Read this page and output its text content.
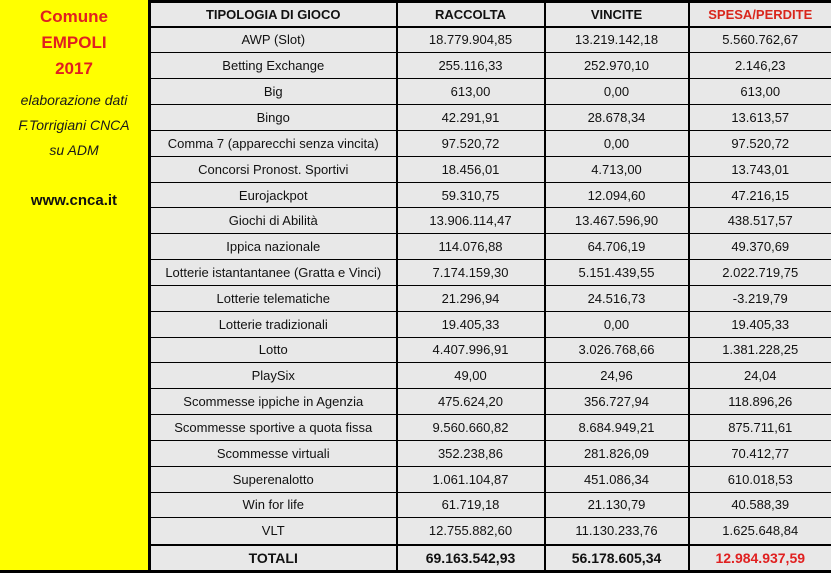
Comune
EMPOLI
2017
elaborazione dati
F.Torrigiani CNCA
su ADM
www.cnca.it
TIPOLOGIA DI GIOCO	RACCOLTA	VINCITE	SPESA/PERDITE
AWP (Slot)	18.779.904,85	13.219.142,18	5.560.762,67
Betting Exchange	255.116,33	252.970,10	2.146,23
Big	613,00	0,00	613,00
Bingo	42.291,91	28.678,34	13.613,57
Comma 7 (apparecchi senza vincita)	97.520,72	0,00	97.520,72
Concorsi Pronost. Sportivi	18.456,01	4.713,00	13.743,01
Eurojackpot	59.310,75	12.094,60	47.216,15
Giochi di Abilità	13.906.114,47	13.467.596,90	438.517,57
Ippica nazionale	114.076,88	64.706,19	49.370,69
Lotterie istantantanee (Gratta e Vinci)	7.174.159,30	5.151.439,55	2.022.719,75
Lotterie telematiche	21.296,94	24.516,73	-3.219,79
Lotterie tradizionali	19.405,33	0,00	19.405,33
Lotto	4.407.996,91	3.026.768,66	1.381.228,25
PlaySix	49,00	24,96	24,04
Scommesse ippiche in Agenzia	475.624,20	356.727,94	118.896,26
Scommesse sportive a quota fissa	9.560.660,82	8.684.949,21	875.711,61
Scommesse virtuali	352.238,86	281.826,09	70.412,77
Superenalotto	1.061.104,87	451.086,34	610.018,53
Win for life	61.719,18	21.130,79	40.588,39
VLT	12.755.882,60	11.130.233,76	1.625.648,84
TOTALI	69.163.542,93	56.178.605,34	12.984.937,59
